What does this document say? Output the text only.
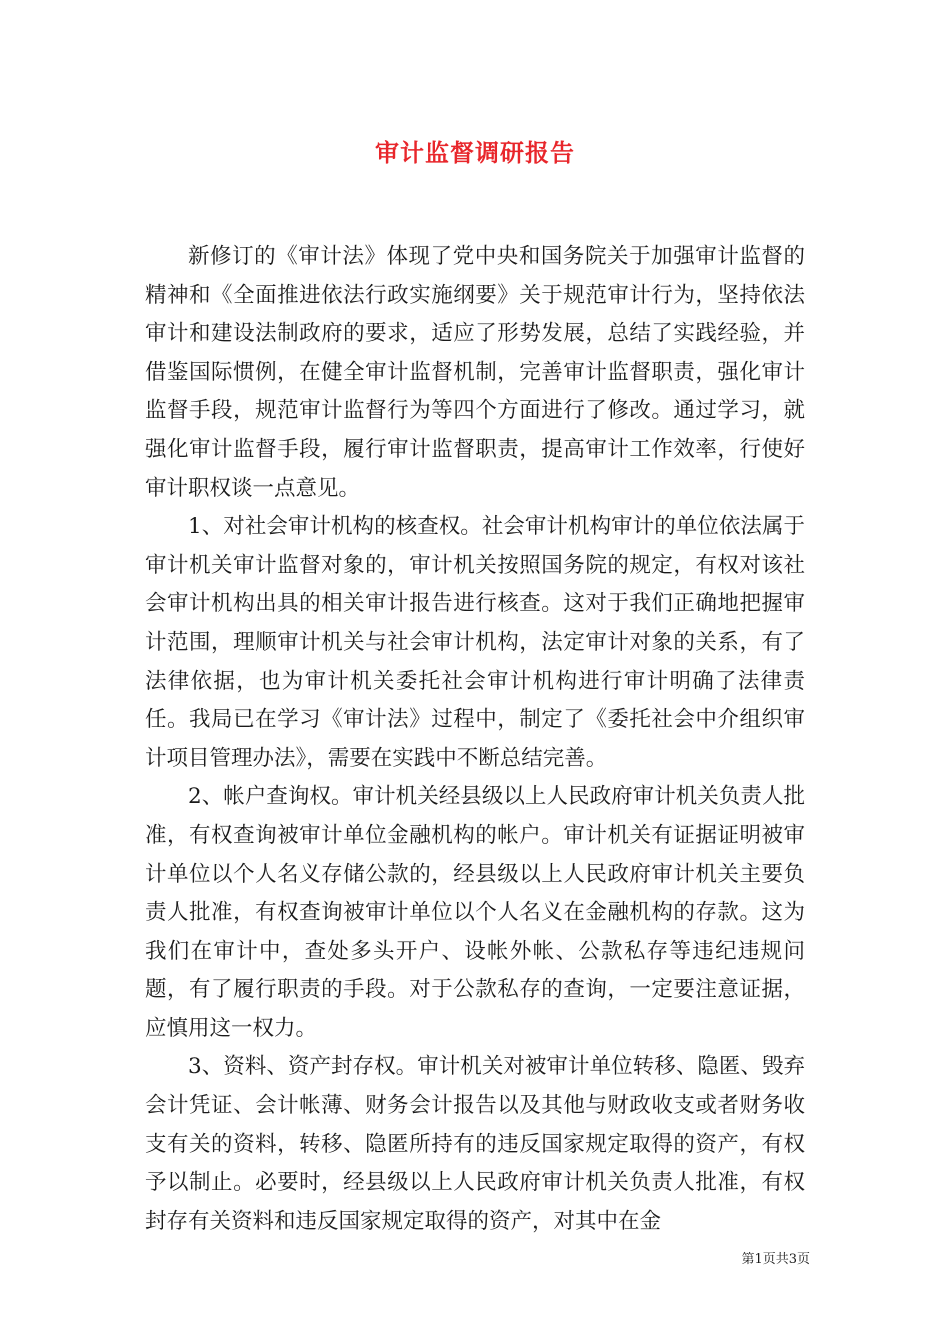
审计监督调研报告

新修订的《审计法》体现了党中央和国务院关于加强审计监督的精神和《全面推进依法行政实施纲要》关于规范审计行为，坚持依法审计和建设法制政府的要求，适应了形势发展，总结了实践经验，并借鉴国际惯例，在健全审计监督机制，完善审计监督职责，强化审计监督手段，规范审计监督行为等四个方面进行了修改。通过学习，就强化审计监督手段，履行审计监督职责，提高审计工作效率，行使好审计职权谈一点意见。

1、对社会审计机构的核查权。社会审计机构审计的单位依法属于审计机关审计监督对象的，审计机关按照国务院的规定，有权对该社会审计机构出具的相关审计报告进行核查。这对于我们正确地把握审计范围，理顺审计机关与社会审计机构，法定审计对象的关系，有了法律依据，也为审计机关委托社会审计机构进行审计明确了法律责任。我局已在学习《审计法》过程中，制定了《委托社会中介组织审计项目管理办法》，需要在实践中不断总结完善。

2、帐户查询权。审计机关经县级以上人民政府审计机关负责人批准，有权查询被审计单位金融机构的帐户。审计机关有证据证明被审计单位以个人名义存储公款的，经县级以上人民政府审计机关主要负责人批准，有权查询被审计单位以个人名义在金融机构的存款。这为我们在审计中，查处多头开户、设帐外帐、公款私存等违纪违规问题，有了履行职责的手段。对于公款私存的查询，一定要注意证据，应慎用这一权力。

3、资料、资产封存权。审计机关对被审计单位转移、隐匿、毁弃会计凭证、会计帐薄、财务会计报告以及其他与财政收支或者财务收支有关的资料，转移、隐匿所持有的违反国家规定取得的资产，有权予以制止。必要时，经县级以上人民政府审计机关负责人批准，有权封存有关资料和违反国家规定取得的资产，对其中在金

第1页共3页
